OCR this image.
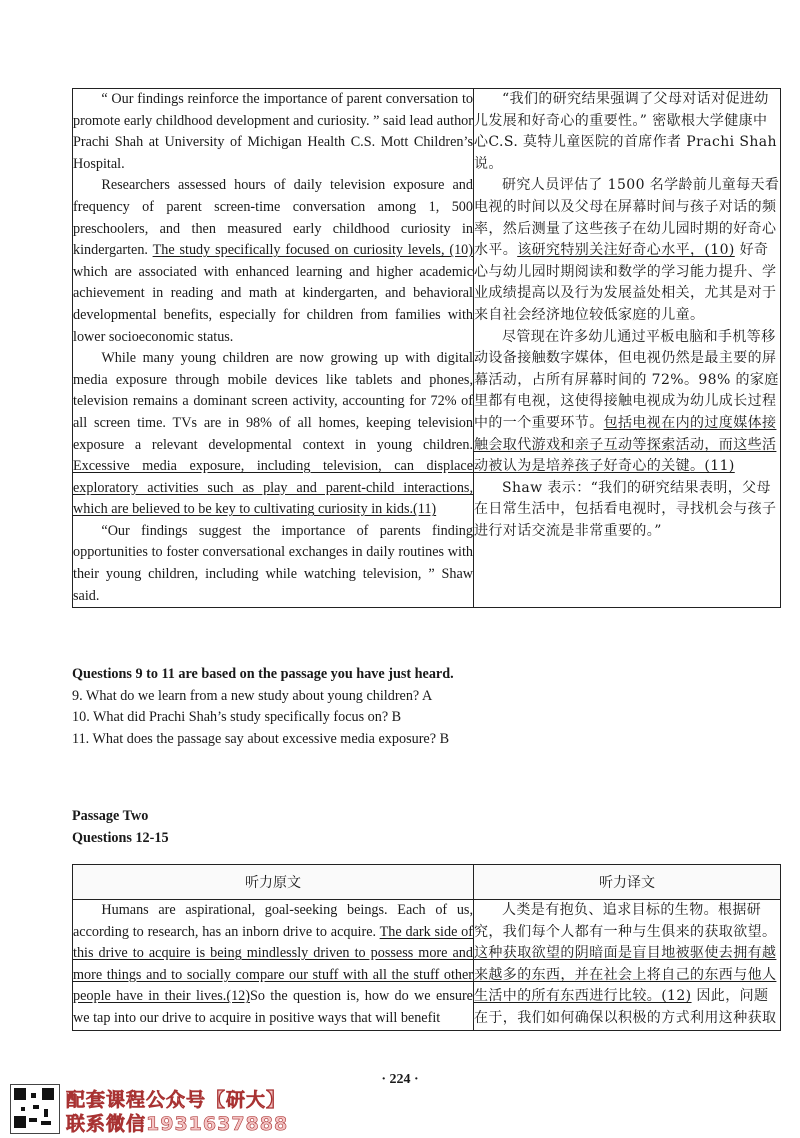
“ Our findings reinforce the importance of parent conversation to promote early childhood development and curiosity. ” said lead author Prachi Shah at University of Michigan Health C.S. Mott Children’s Hospital.

Researchers assessed hours of daily television exposure and frequency of parent screen-time conversation among 1, 500 preschoolers, and then measured early childhood curiosity in kindergarten. The study specifically focused on curiosity levels, (10) which are associated with enhanced learning and higher academic achievement in reading and math at kindergarten, and behavioral developmental benefits, especially for children from families with lower socioeconomic status.

While many young children are now growing up with digital media exposure through mobile devices like tablets and phones, television remains a dominant screen activity, accounting for 72% of all screen time. TVs are in 98% of all homes, keeping television exposure a relevant developmental context in young children. Excessive media exposure, including television, can displace exploratory activities such as play and parent-child interactions, which are believed to be key to cultivating curiosity in kids.(11)

“Our findings suggest the importance of parents finding opportunities to foster conversational exchanges in daily routines with their young children, including while watching television, ” Shaw said.

“我们的研究结果强调了父母对话对促进幼儿发展和好奇心的重要性。” 密歇根大学健康中心C.S. 莫特儿童医院的首席作者 Prachi Shah 说。

研究人员评估了 1500 名学龄前儿童每天看电视的时间以及父母在屏幕时间与孩子对话的频率，然后测量了这些孩子在幼儿园时期的好奇心水平。该研究特别关注好奇心水平，(10) 好奇心与幼儿园时期阅读和数学的学习能力提升、学业成绩提高以及行为发展益处相关，尤其是对于来自社会经济地位较低家庭的儿童。

尽管现在许多幼儿通过平板电脑和手机等移动设备接触数字媒体，但电视仍然是最主要的屏幕活动，占所有屏幕时间的 72%。98% 的家庭里都有电视，这使得接触电视成为幼儿成长过程中的一个重要环节。包括电视在内的过度媒体接触会取代游戏和亲子互动等探索活动，而这些活动被认为是培养孩子好奇心的关键。(11)

Shaw 表示：“我们的研究结果表明，父母在日常生活中，包括看电视时，寻找机会与孩子进行对话交流是非常重要的。”

Questions 9 to 11 are based on the passage you have just heard.
9. What do we learn from a new study about young children? A
10. What did Prachi Shah’s study specifically focus on? B
11. What does the passage say about excessive media exposure? B
Passage Two
Questions 12-15
听力原文	听力译文

Humans are aspirational, goal-seeking beings. Each of us, according to research, has an inborn drive to acquire. The dark side of this drive to acquire is being mindlessly driven to possess more and more things and to socially compare our stuff with all the stuff other people have in their lives.(12)So the question is, how do we ensure we tap into our drive to acquire in positive ways that will benefit	人类是有抱负、追求目标的生物。根据研究，我们每个人都有一种与生俱来的获取欲望。这种获取欲望的阴暗面是盲目地被驱使去拥有越来越多的东西，并在社会上将自己的东西与他人生活中的所有东西进行比较。(12) 因此，问题在于，我们如何确保以积极的方式利用这种获取

· 224 ·
配套课程公众号【研大】
联系微信1931637888
